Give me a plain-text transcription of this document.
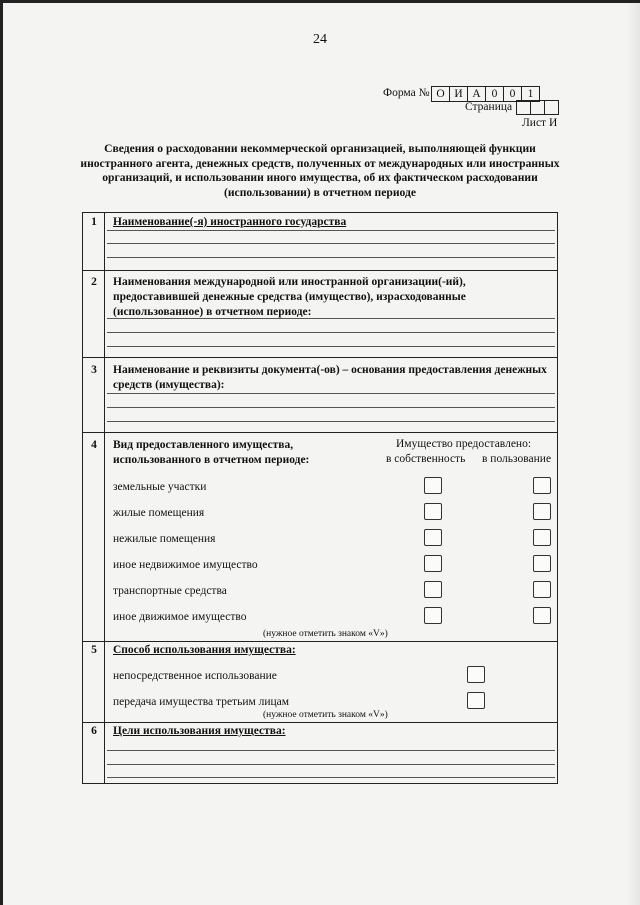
24
Форма № О И А 0	0	1
Страница
Лист И
Сведения о расходовании некоммерческой организацией, выполняющей функции иностранного агента, денежных средств, полученных от международных или иностранных организаций, и использовании иного имущества, об их фактическом расходовании (использовании) в отчетном периоде
1	Наименование(-я) иностранного государства
2	Наименования международной или иностранной организации(-ий), предоставившей денежные средства (имущество), израсходованные (использованное) в отчетном периоде:
3	Наименование и реквизиты документа(-ов) – основания предоставления денежных средств (имущества):
4	Вид предоставленного имущества,
использованного в отчетном периоде:
Имущество предоставлено:
в собственность в пользование
земельные участки
жилые помещения
нежилые помещения
иное недвижимое имущество
транспортные средства
иное движимое имущество
(нужное отметить знаком «V»)
5	Способ использования имущества:
непосредственное использование
передача имущества третьим лицам
(нужное отметить знаком «V»)
6	Цели использования имущества:
